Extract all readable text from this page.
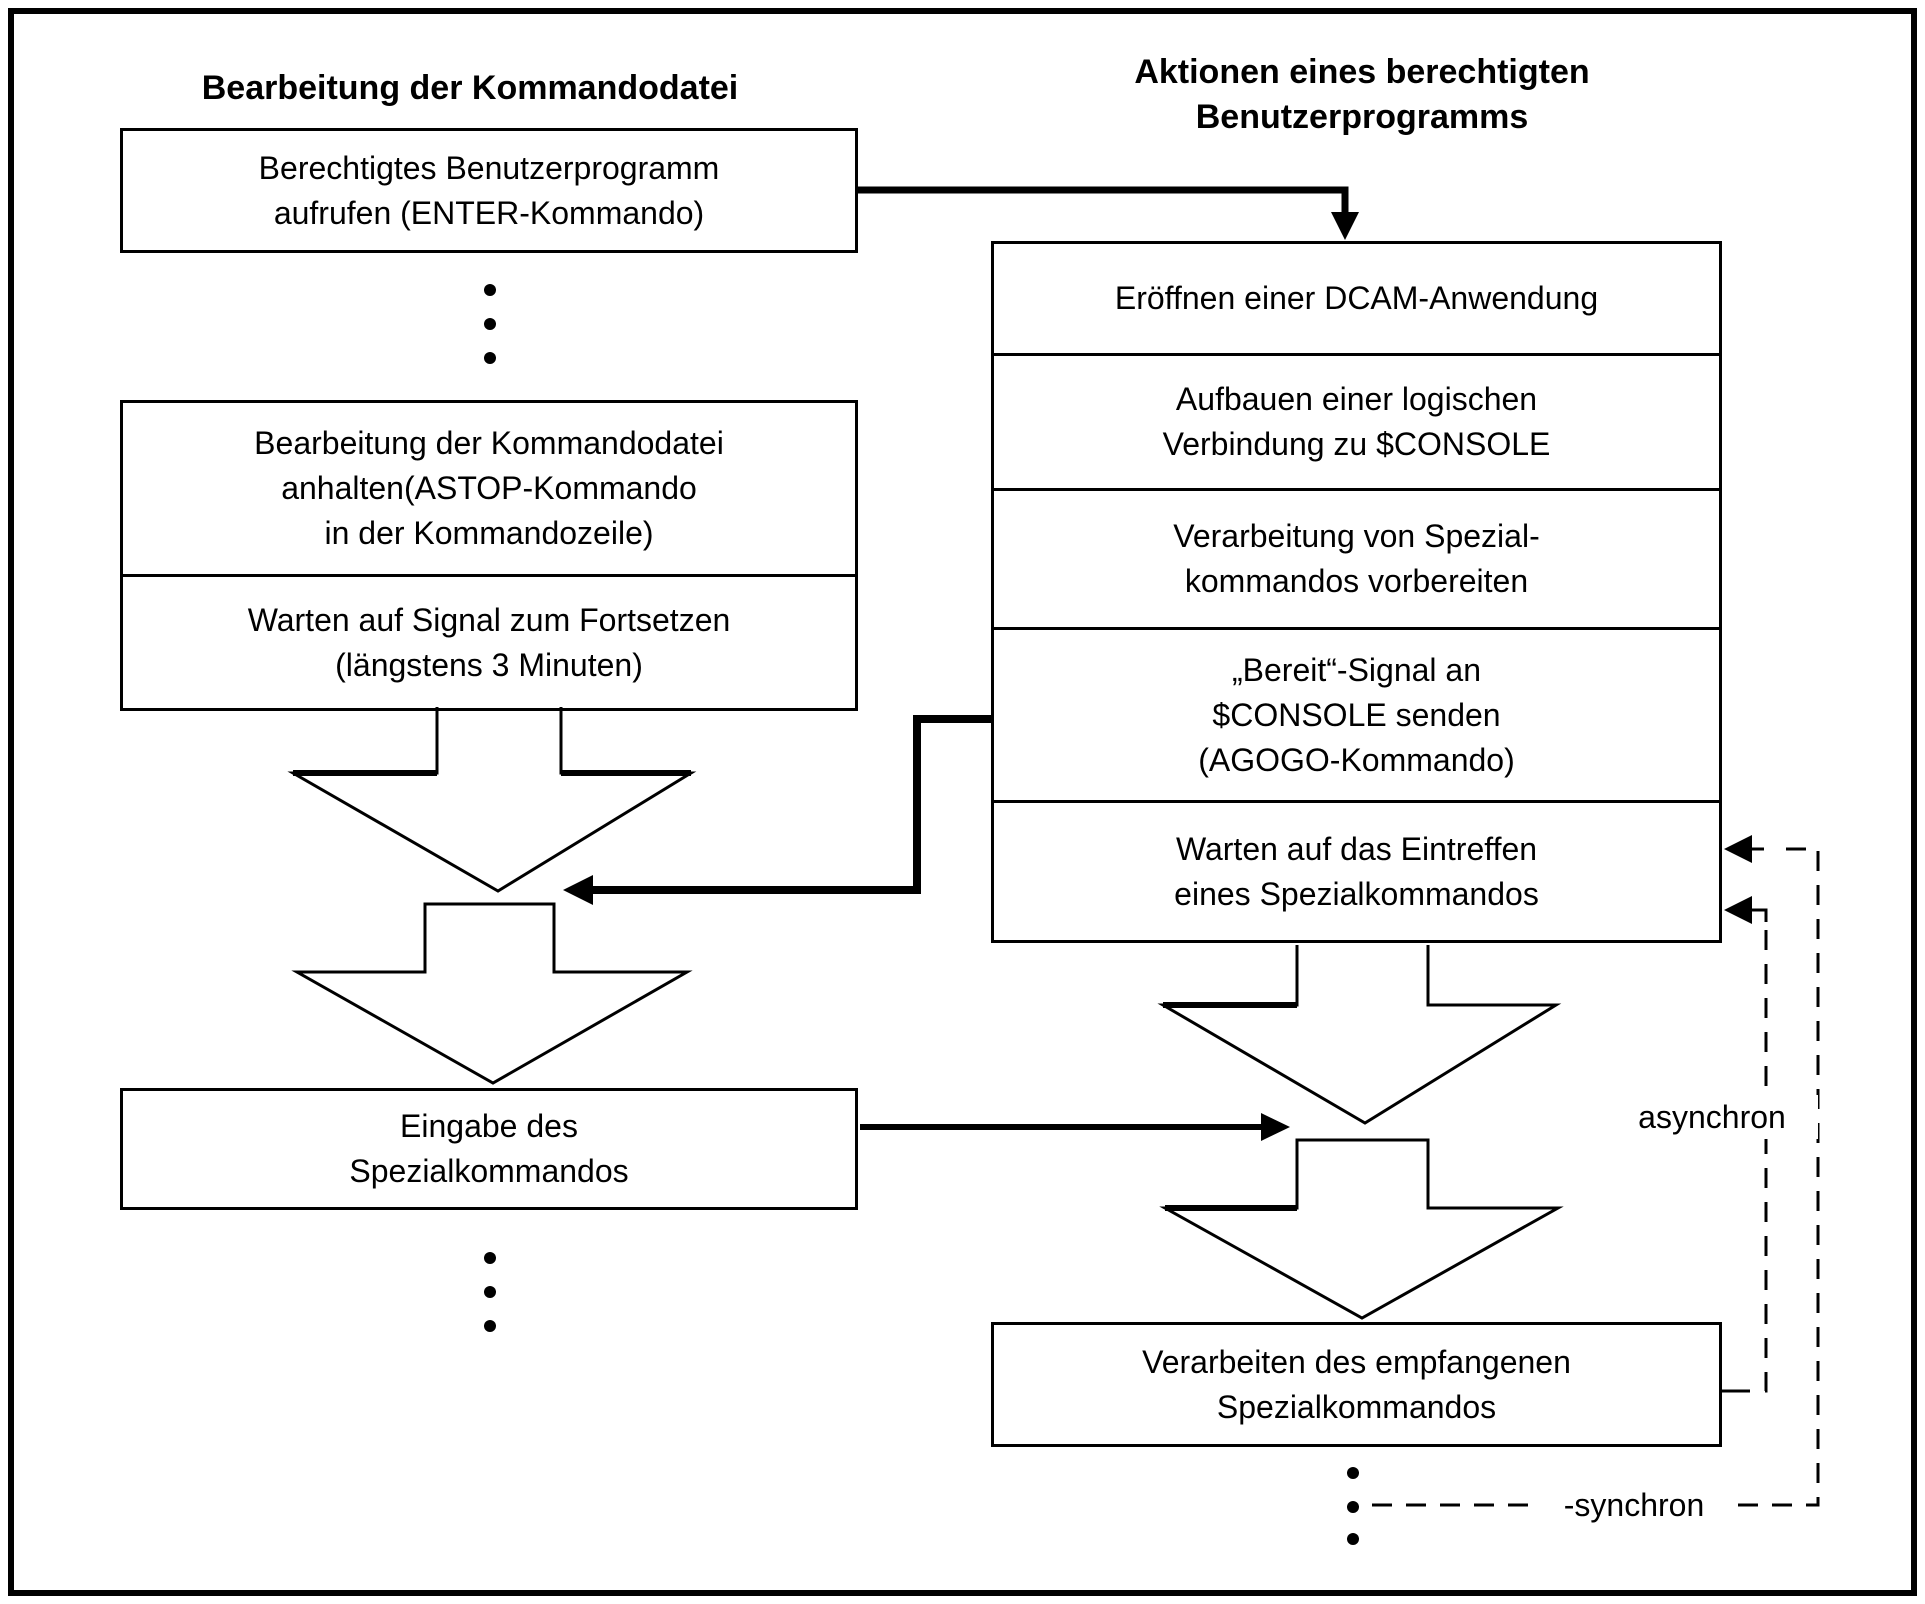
Bearbeitung der Kommandodatei	Aktionen eines berechtigten
Benutzerprogramms
Berechtigtes Benutzerprogramm
aufrufen (ENTER-Kommando)
Bearbeitung der Kommandodatei
anhalten(ASTOP-Kommando
in der Kommandozeile)
Warten auf Signal zum Fortsetzen
(längstens 3 Minuten)
Eingabe des
Spezialkommandos
Eröffnen einer DCAM-Anwendung
Aufbauen einer logischen
Verbindung zu $CONSOLE
Verarbeitung von Spezial-
kommandos vorbereiten
„Bereit“-Signal an
$CONSOLE senden
(AGOGO-Kommando)
Warten auf das Eintreffen
eines Spezialkommandos
Verarbeiten des empfangenen
Spezialkommandos
asynchron
-synchron
